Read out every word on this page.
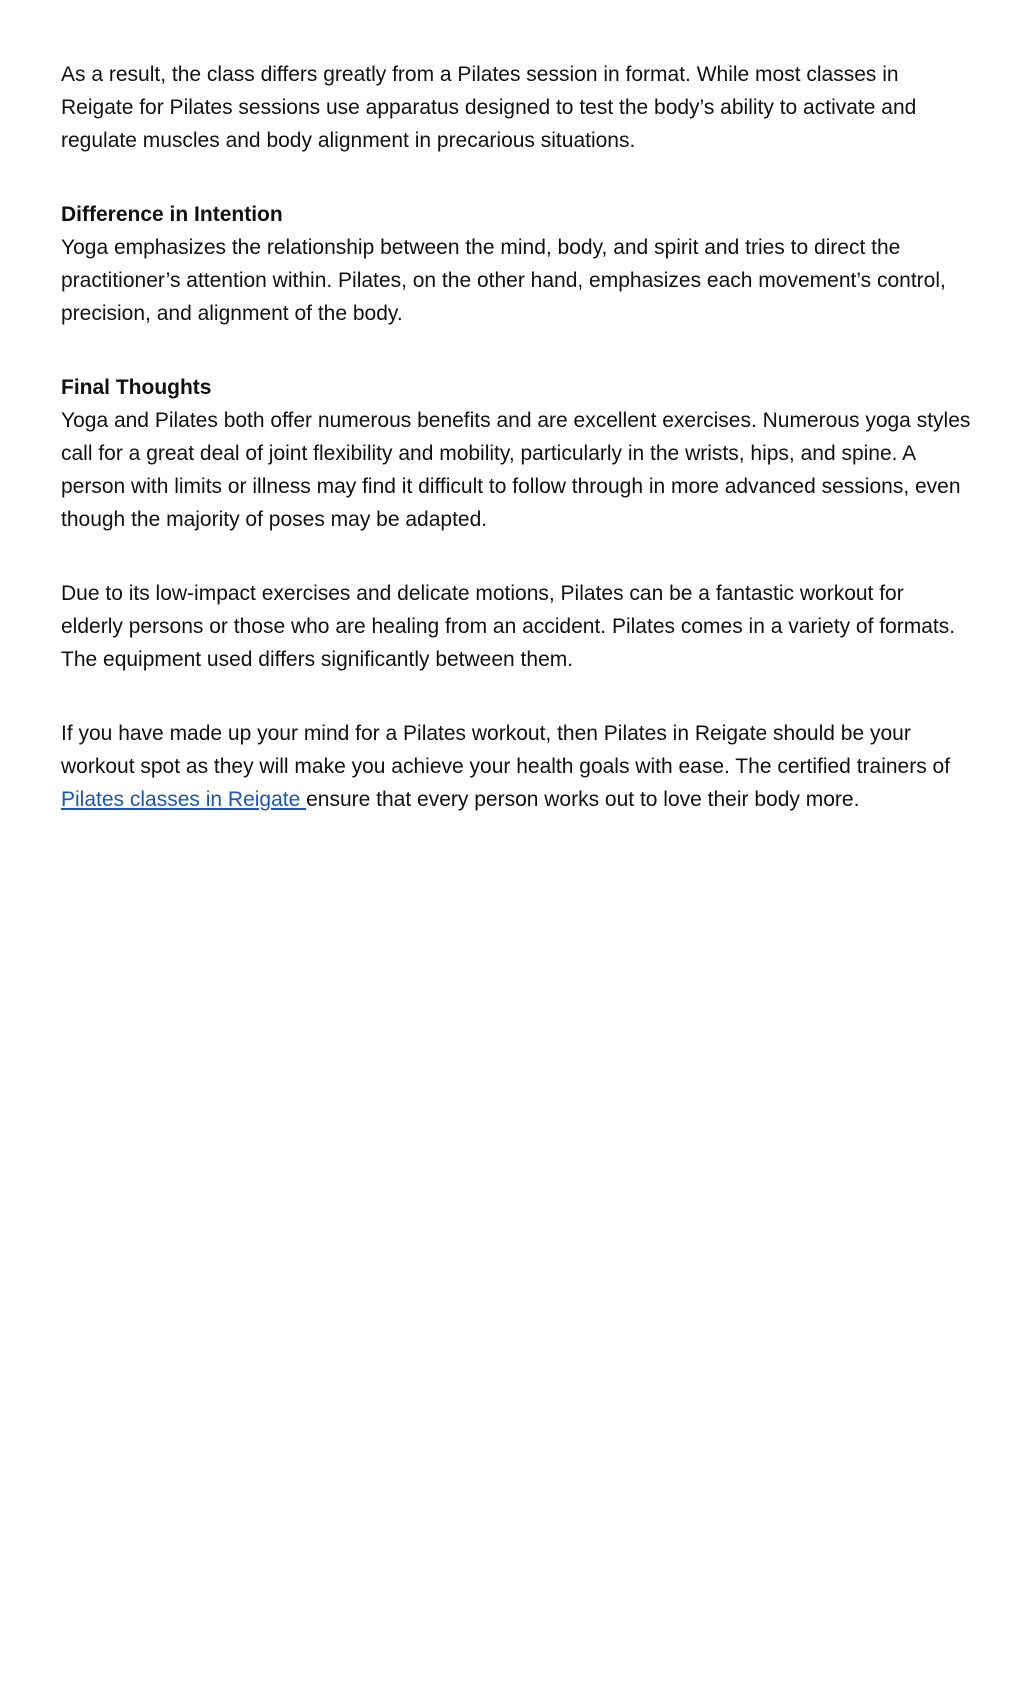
As a result, the class differs greatly from a Pilates session in format. While most classes in Reigate for Pilates sessions use apparatus designed to test the body’s ability to activate and regulate muscles and body alignment in precarious situations.

Difference in Intention
Yoga emphasizes the relationship between the mind, body, and spirit and tries to direct the practitioner’s attention within. Pilates, on the other hand, emphasizes each movement’s control, precision, and alignment of the body.

Final Thoughts
Yoga and Pilates both offer numerous benefits and are excellent exercises. Numerous yoga styles call for a great deal of joint flexibility and mobility, particularly in the wrists, hips, and spine. A person with limits or illness may find it difficult to follow through in more advanced sessions, even though the majority of poses may be adapted.

Due to its low-impact exercises and delicate motions, Pilates can be a fantastic workout for elderly persons or those who are healing from an accident. Pilates comes in a variety of formats. The equipment used differs significantly between them.

If you have made up your mind for a Pilates workout, then Pilates in Reigate should be your workout spot as they will make you achieve your health goals with ease. The certified trainers of Pilates classes in Reigate ensure that every person works out to love their body more.
